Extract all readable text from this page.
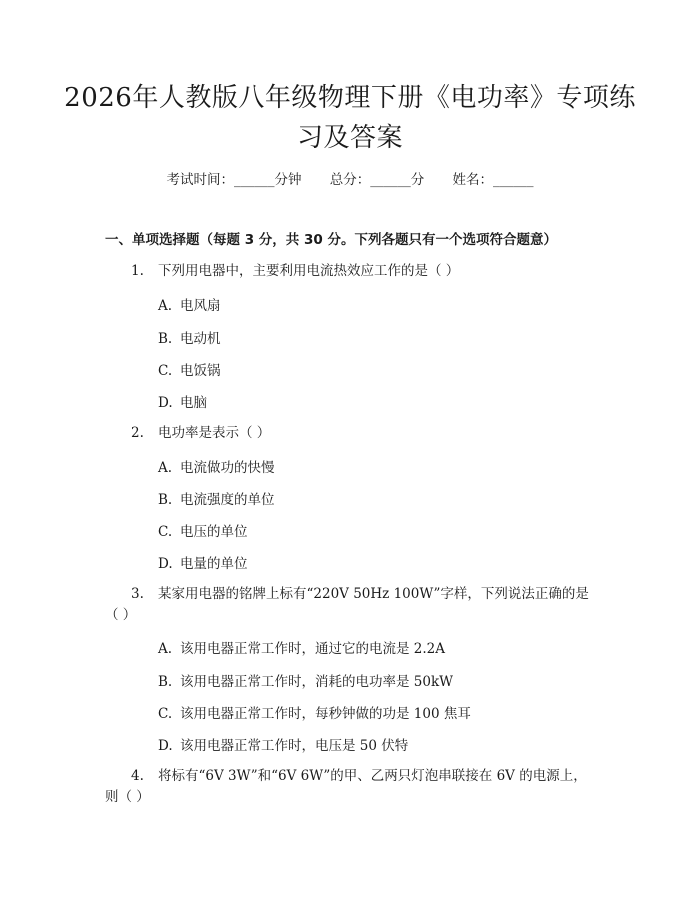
2026年人教版八年级物理下册《电功率》专项练习及答案
考试时间：______分钟 总分：______分 姓名：______
一、单项选择题（每题 3 分，共 30 分。下列各题只有一个选项符合题意）
1. 下列用电器中，主要利用电流热效应工作的是（ ）
A. 电风扇
B. 电动机
C. 电饭锅
D. 电脑
2. 电功率是表示（ ）
A. 电流做功的快慢
B. 电流强度的单位
C. 电压的单位
D. 电量的单位
3. 某家用电器的铭牌上标有“220V 50Hz 100W”字样，下列说法正确的是
（ ）
A. 该用电器正常工作时，通过它的电流是 2.2A
B. 该用电器正常工作时，消耗的电功率是 50kW
C. 该用电器正常工作时，每秒钟做的功是 100 焦耳
D. 该用电器正常工作时，电压是 50 伏特
4. 将标有“6V 3W”和“6V 6W”的甲、乙两只灯泡串联接在 6V 的电源上，
则（ ）
